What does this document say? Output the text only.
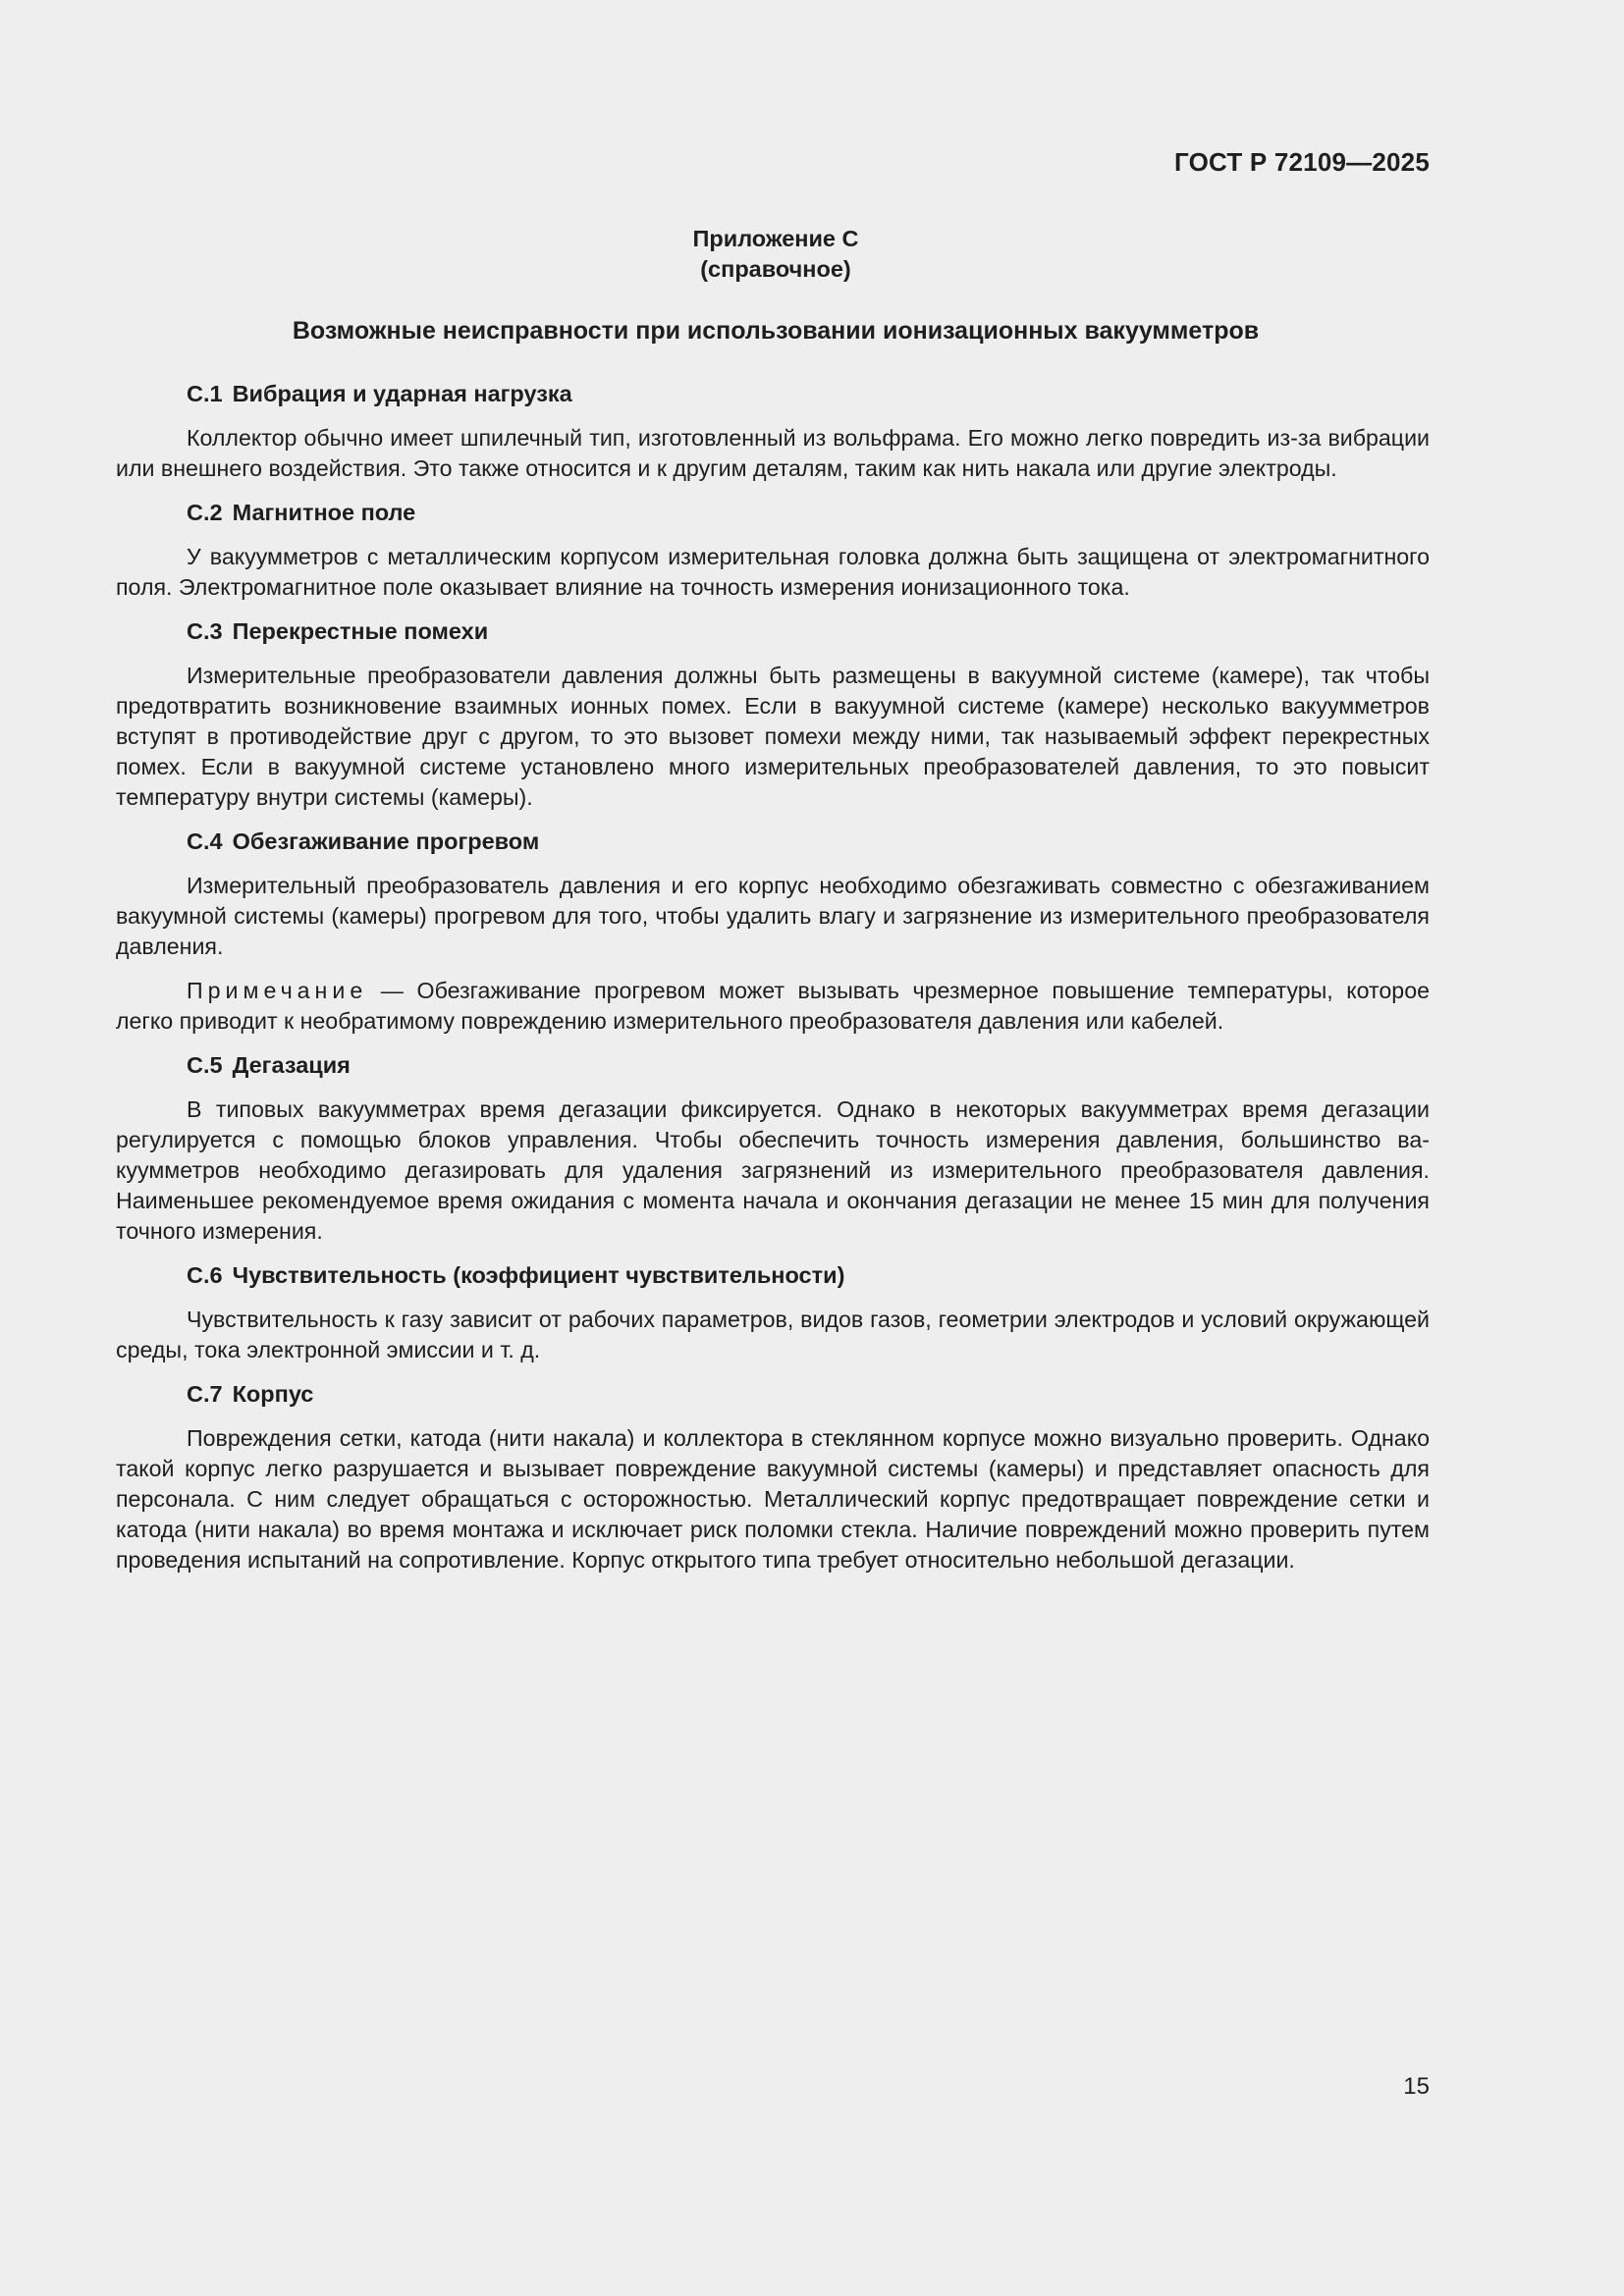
ГОСТ Р 72109—2025
Приложение С
(справочное)
Возможные неисправности при использовании ионизационных вакуумметров
С.1 Вибрация и ударная нагрузка

Коллектор обычно имеет шпилечный тип, изготовленный из вольфрама. Его можно легко повредить из-за вибрации или внешнего воздействия. Это также относится и к другим деталям, таким как нить накала или другие электроды.

С.2 Магнитное поле

У вакуумметров с металлическим корпусом измерительная головка должна быть защищена от электромагнитного поля. Электромагнитное поле оказывает влияние на точность измерения ионизационного тока.

С.3 Перекрестные помехи

Измерительные преобразователи давления должны быть размещены в вакуумной системе (камере), так чтобы предотвратить возникновение взаимных ионных помех. Если в вакуумной системе (камере) несколько вакуумметров вступят в противодействие друг с другом, то это вызовет помехи между ними, так называемый эффект перекрестных помех. Если в вакуумной системе установлено много измерительных преобразователей давления, то это повысит температуру внутри системы (камеры).

С.4 Обезгаживание прогревом

Измерительный преобразователь давления и его корпус необходимо обезгаживать совместно с обезгаживанием вакуумной системы (камеры) прогревом для того, чтобы удалить влагу и загрязнение из измерительного преобразователя давления.

Примечание — Обезгаживание прогревом может вызывать чрезмерное повышение температуры, которое легко приводит к необратимому повреждению измерительного преобразователя давления или кабелей.

С.5 Дегазация

В типовых вакуумметрах время дегазации фиксируется. Однако в некоторых вакуумметрах время дегазации регулируется с помощью блоков управления. Чтобы обеспечить точность измерения давления, большинство вакуумметров необходимо дегазировать для удаления загрязнений из измерительного преобразователя давления. Наименьшее рекомендуемое время ожидания с момента начала и окончания дегазации не менее 15 мин для получения точного измерения.

С.6 Чувствительность (коэффициент чувствительности)

Чувствительность к газу зависит от рабочих параметров, видов газов, геометрии электродов и условий окружающей среды, тока электронной эмиссии и т. д.

С.7 Корпус

Повреждения сетки, катода (нити накала) и коллектора в стеклянном корпусе можно визуально проверить. Однако такой корпус легко разрушается и вызывает повреждение вакуумной системы (камеры) и представляет опасность для персонала. С ним следует обращаться с осторожностью. Металлический корпус предотвращает повреждение сетки и катода (нити накала) во время монтажа и исключает риск поломки стекла. Наличие повреждений можно проверить путем проведения испытаний на сопротивление. Корпус открытого типа требует относительно небольшой дегазации.

15
